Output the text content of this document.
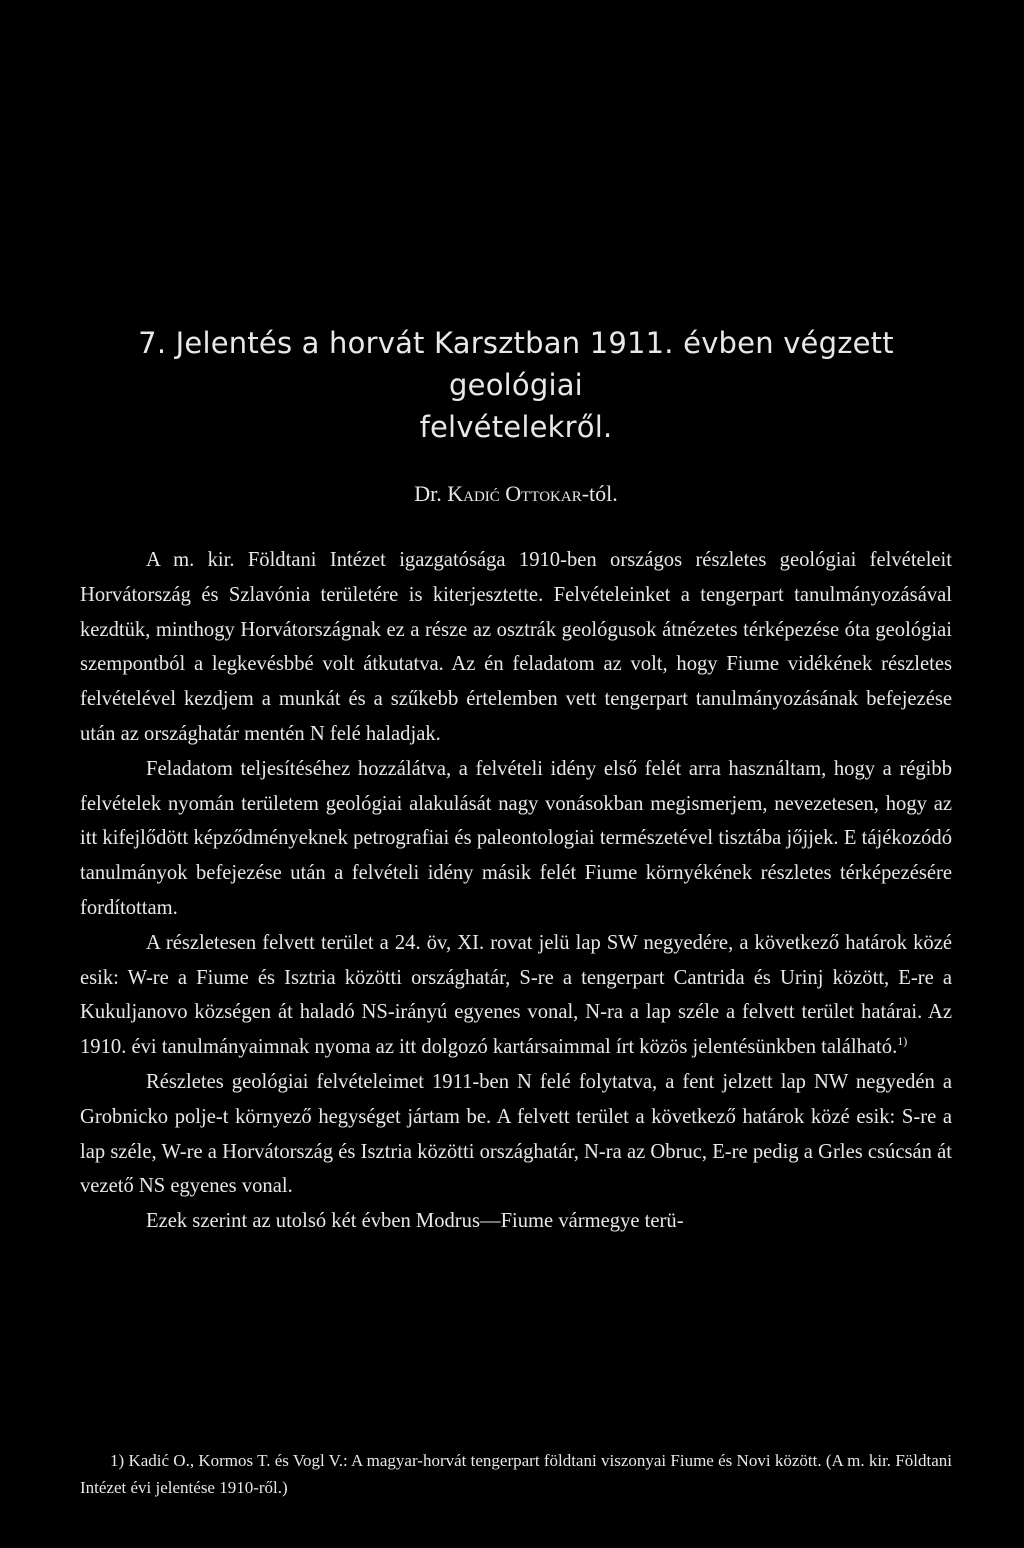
7. Jelentés a horvát Karsztban 1911. évben végzett geológiai
felvételekről.
Dr. Kadić Ottokar-tól.

A m. kir. Földtani Intézet igazgatósága 1910-ben országos részletes geológiai felvételeit Horvátország és Szlavónia területére is kiterjesztette. Felvételeinket a tengerpart tanulmányozásával kezdtük, minthogy Horvátországnak ez a része az osztrák geológusok átnézetes térképezése óta geológiai szempontból a legkevésbbé volt átkutatva. Az én feladatom az volt, hogy Fiume vidékének részletes felvételével kezdjem a munkát és a szűkebb értelemben vett tengerpart tanulmányozásának befejezése után az országhatár mentén N felé haladjak.

Feladatom teljesítéséhez hozzálátva, a felvételi idény első felét arra használtam, hogy a régibb felvételek nyomán területem geológiai alakulását nagy vonásokban megismerjem, nevezetesen, hogy az itt kifejlődött képződményeknek petrografiai és paleontologiai természetével tisztába jőjjek. E tájékozódó tanulmányok befejezése után a felvételi idény másik felét Fiume környékének részletes térképezésére fordítottam.

A részletesen felvett terület a 24. öv, XI. rovat jelü lap SW negyedére, a következő határok közé esik: W-re a Fiume és Isztria közötti országhatár, S-re a tengerpart Cantrida és Urinj között, E-re a Kukuljanovo községen át haladó NS-irányú egyenes vonal, N-ra a lap széle a felvett terület határai. Az 1910. évi tanulmányaimnak nyoma az itt dolgozó kartársaimmal írt közös jelentésünkben található.$^{1)}$

Részletes geológiai felvételeimet 1911-ben N felé folytatva, a fent jelzett lap NW negyedén a Grobnicko polje-t környező hegységet jártam be. A felvett terület a következő határok közé esik: S-re a lap széle, W-re a Horvátország és Isztria közötti országhatár, N-ra az Obruc, E-re pedig a Grles csúcsán át vezető NS egyenes vonal.

Ezek szerint az utolsó két évben Modrus—Fiume vármegye terü-

1) Kadić O., Kormos T. és Vogl V.: A magyar-horvát tengerpart földtani viszonyai Fiume és Novi között. (A m. kir. Földtani Intézet évi jelentése 1910-ről.)
